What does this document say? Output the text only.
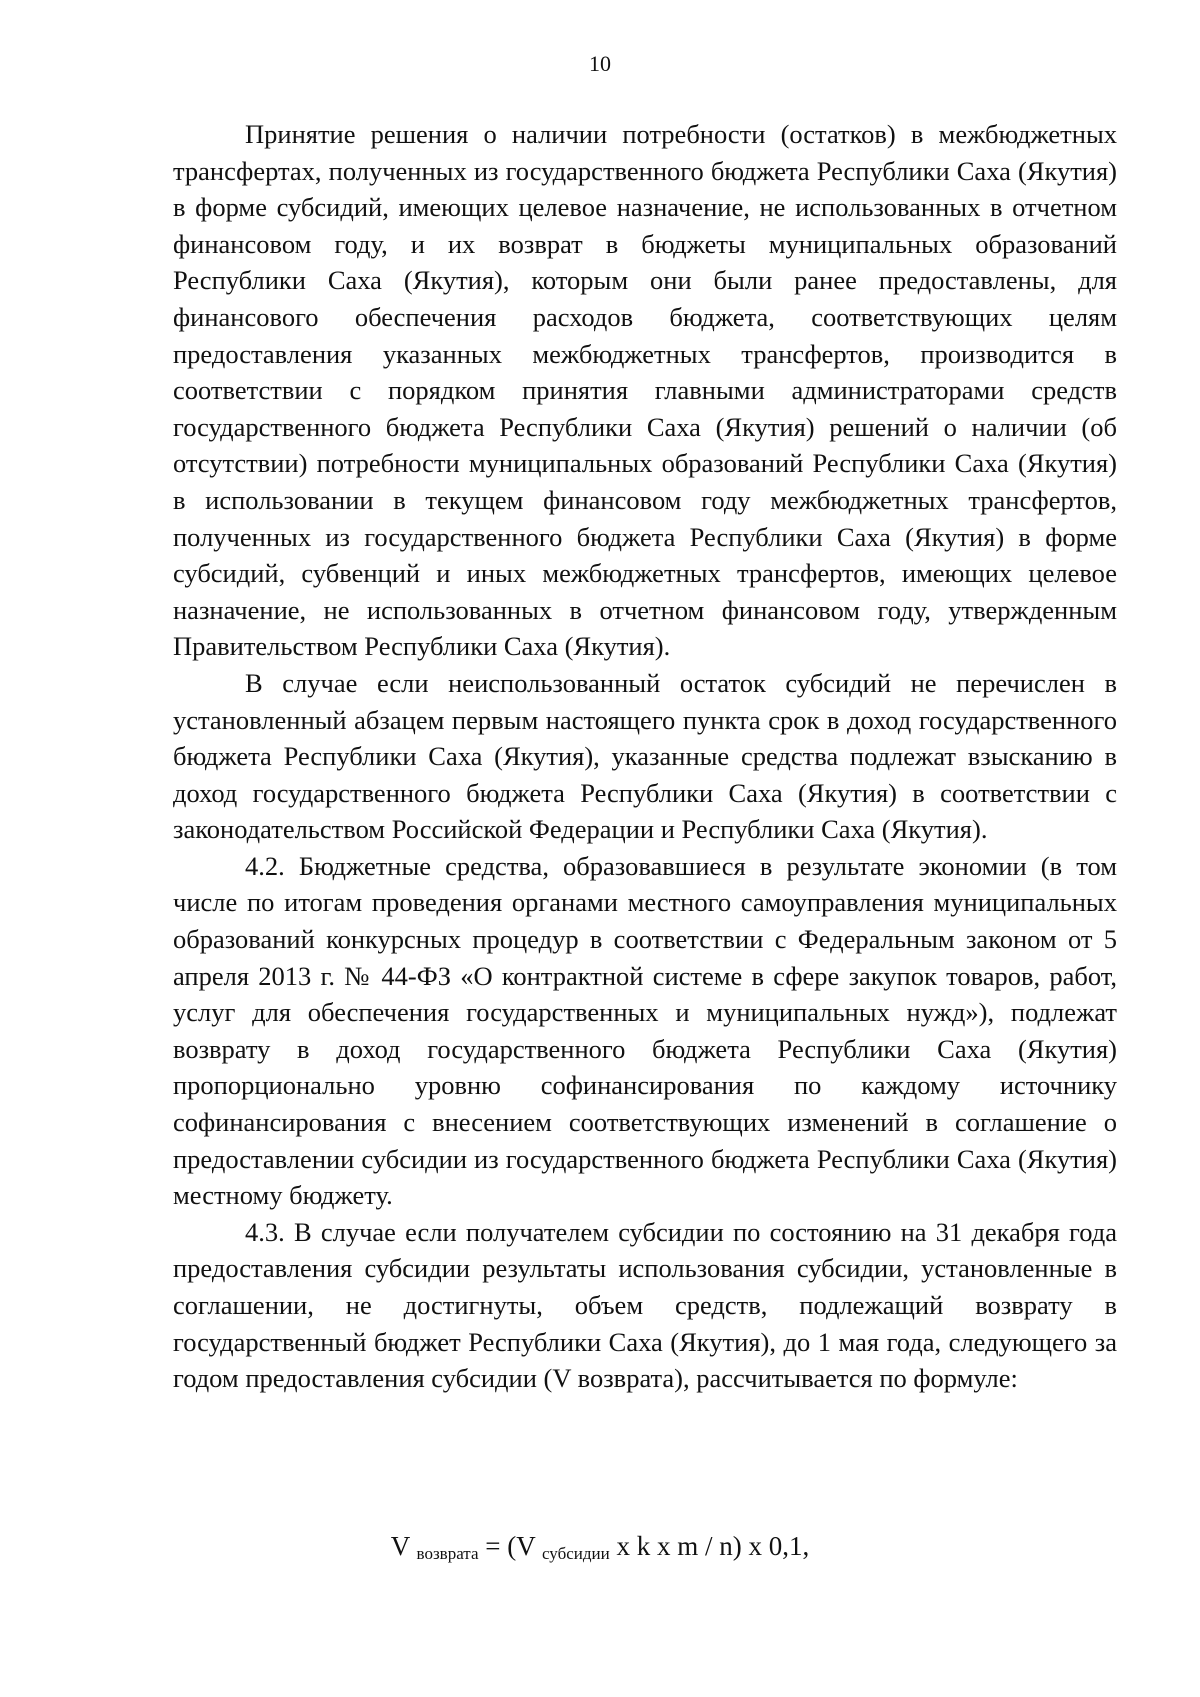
10

Принятие решения о наличии потребности (остатков) в межбюджетных трансфертах, полученных из государственного бюджета Республики Саха (Якутия) в форме субсидий, имеющих целевое назначение, не использованных в отчетном финансовом году, и их возврат в бюджеты муниципальных образований Республики Саха (Якутия), которым они были ранее предоставлены, для финансового обеспечения расходов бюджета, соответствующих целям предоставления указанных межбюджетных трансфертов, производится в соответствии с порядком принятия главными администраторами средств государственного бюджета Республики Саха (Якутия) решений о наличии (об отсутствии) потребности муниципальных образований Республики Саха (Якутия) в использовании в текущем финансовом году межбюджетных трансфертов, полученных из государственного бюджета Республики Саха (Якутия) в форме субсидий, субвенций и иных межбюджетных трансфертов, имеющих целевое назначение, не использованных в отчетном финансовом году, утвержденным Правительством Республики Саха (Якутия).

В случае если неиспользованный остаток субсидий не перечислен в установленный абзацем первым настоящего пункта срок в доход государственного бюджета Республики Саха (Якутия), указанные средства подлежат взысканию в доход государственного бюджета Республики Саха (Якутия) в соответствии с законодательством Российской Федерации и Республики Саха (Якутия).

4.2. Бюджетные средства, образовавшиеся в результате экономии (в том числе по итогам проведения органами местного самоуправления муниципальных образований конкурсных процедур в соответствии с Федеральным законом от 5 апреля 2013 г. № 44-ФЗ «О контрактной системе в сфере закупок товаров, работ, услуг для обеспечения государственных и муниципальных нужд»), подлежат возврату в доход государственного бюджета Республики Саха (Якутия) пропорционально уровню софинансирования по каждому источнику софинансирования с внесением соответствующих изменений в соглашение о предоставлении субсидии из государственного бюджета Республики Саха (Якутия) местному бюджету.

4.3. В случае если получателем субсидии по состоянию на 31 декабря года предоставления субсидии результаты использования субсидии, установленные в соглашении, не достигнуты, объем средств, подлежащий возврату в государственный бюджет Республики Саха (Якутия), до 1 мая года, следующего за годом предоставления субсидии (V возврата), рассчитывается по формуле:

V $_{возврата}$ = (V $_{субсидии}$ x k x m / n) x 0,1,
